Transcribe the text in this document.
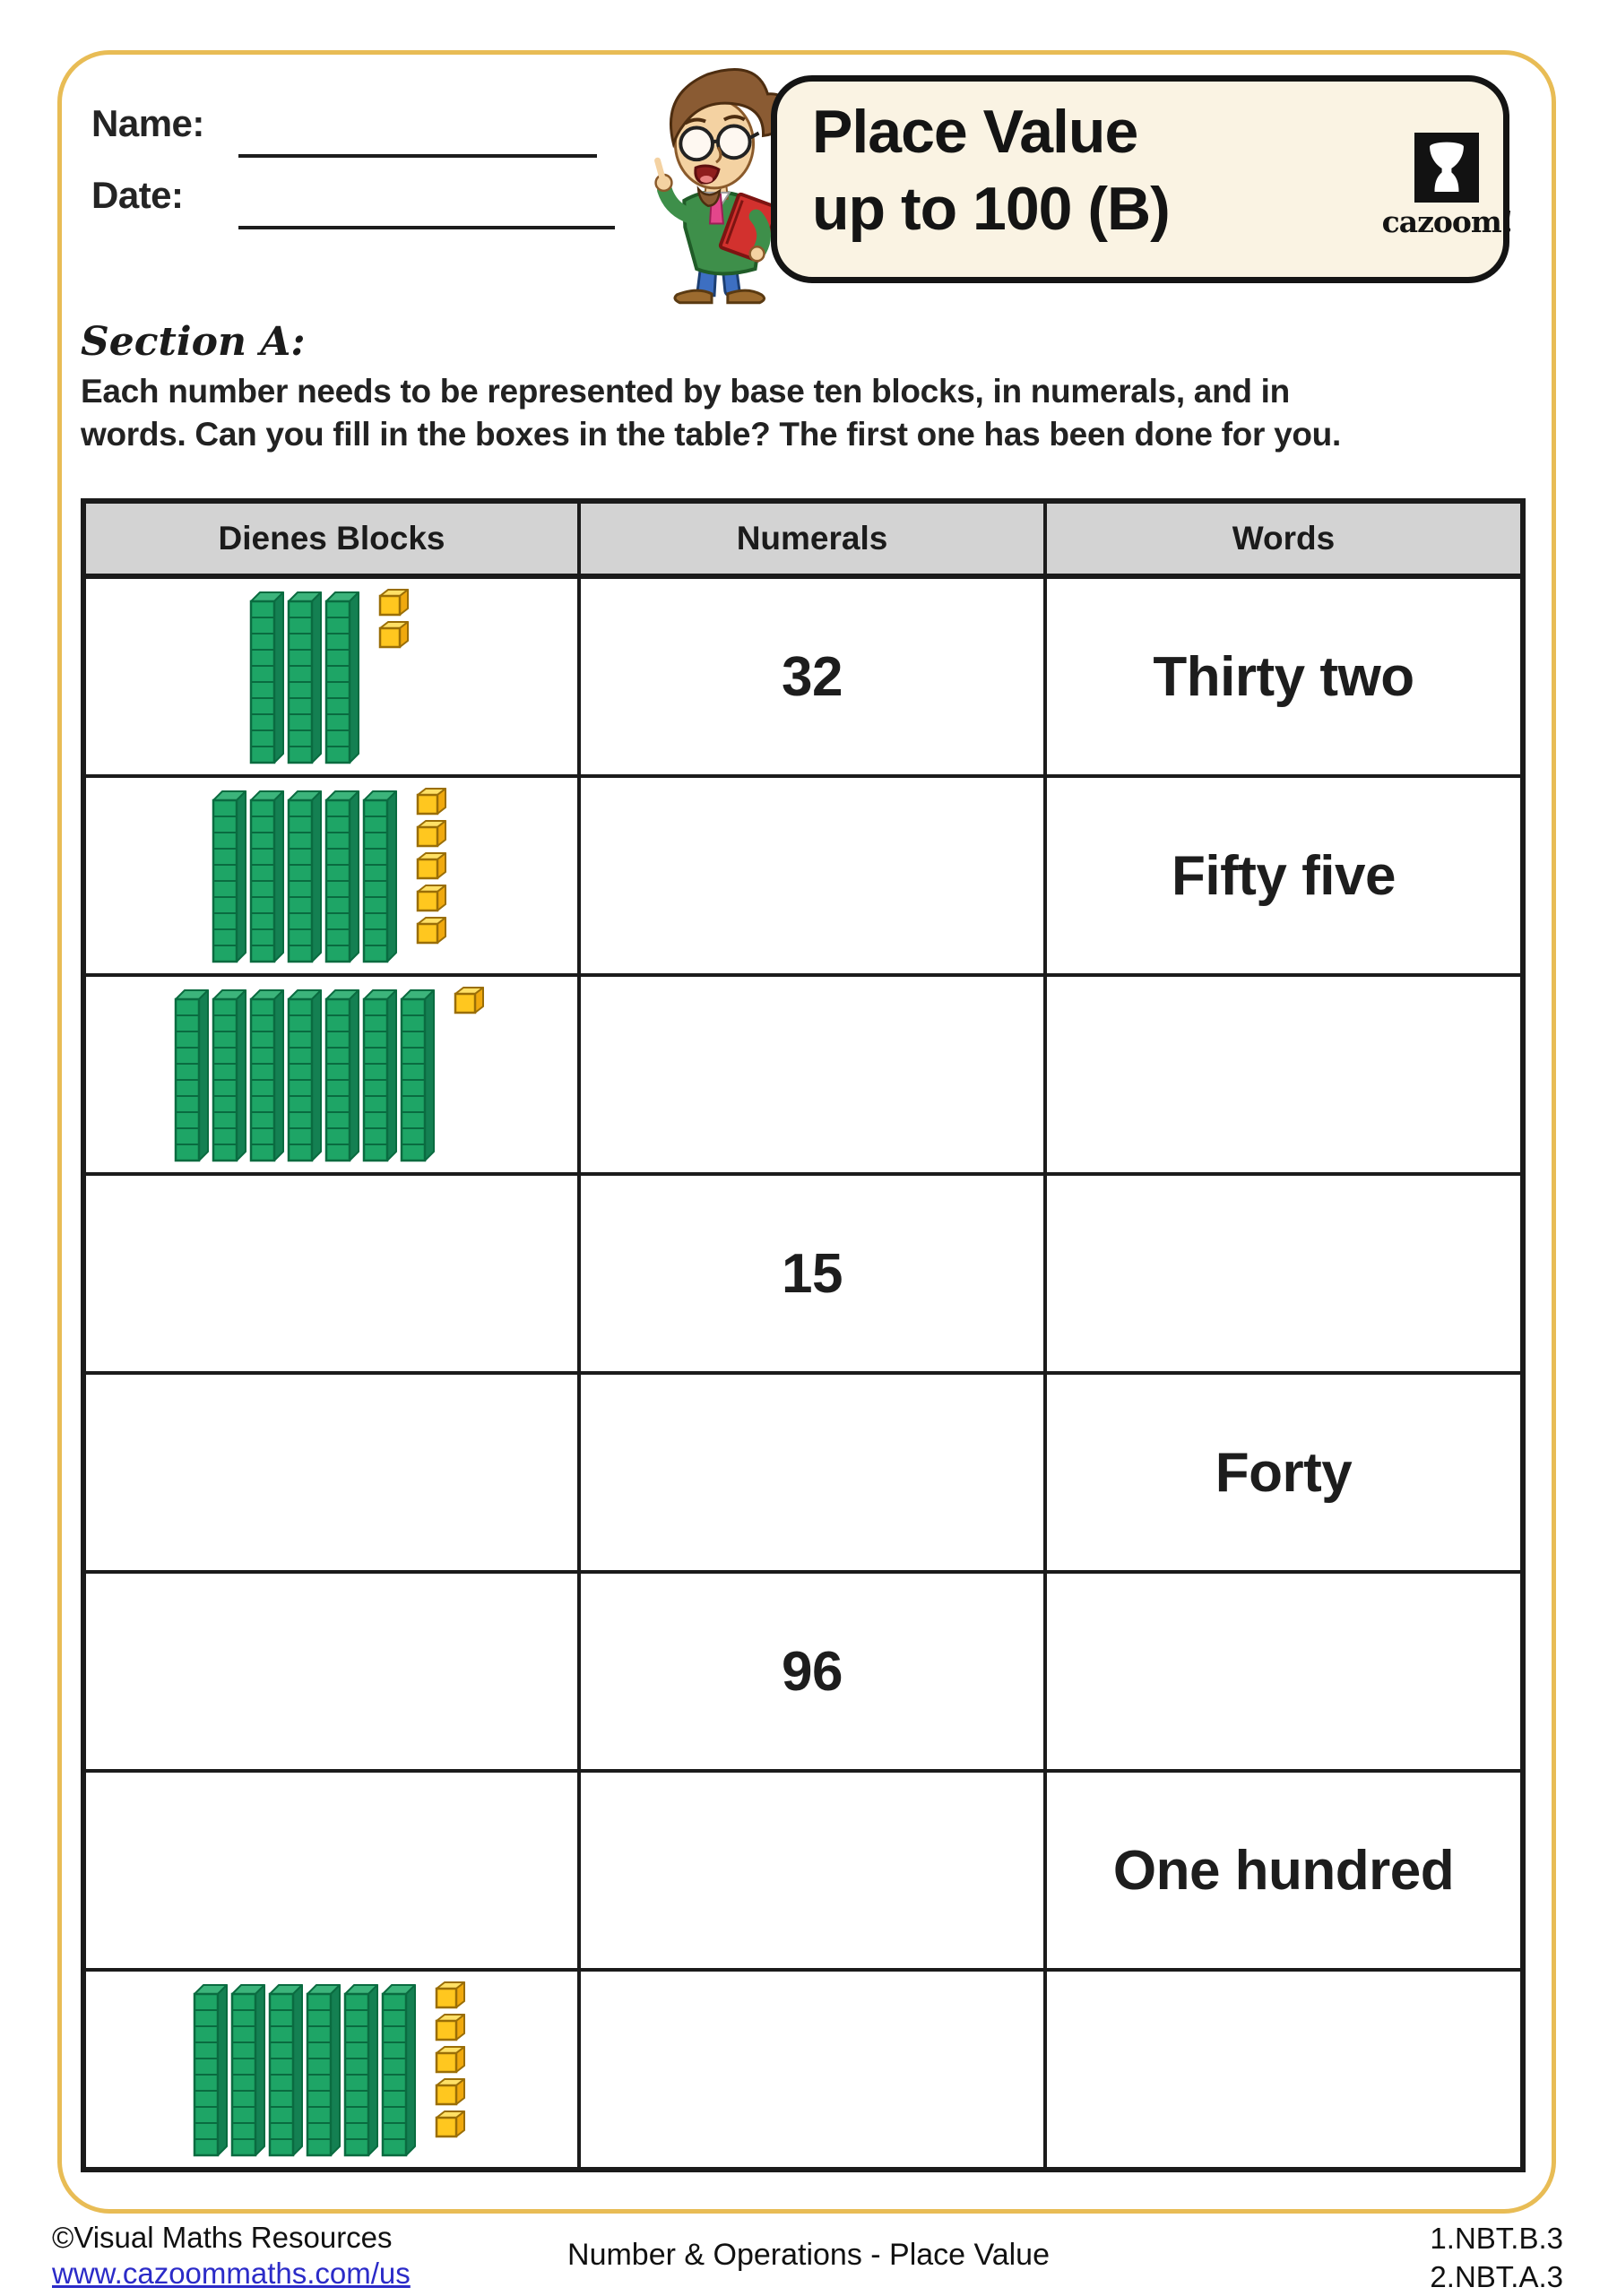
Name:
Date:
Place Value
up to 100 (B)	cazoom!
Section A:
Each number needs to be represented by base ten blocks, in numerals, and in
words. Can you fill in the boxes in the table? The first one has been done for you.
Dienes Blocks	Numerals	Words

	32	Thirty two

		Fifty five

	15	

		Forty

	96	

		One hundred

©Visual Maths Resources
www.cazoommaths.com/us
Number & Operations - Place Value	1.NBT.B.3
2.NBT.A.3
